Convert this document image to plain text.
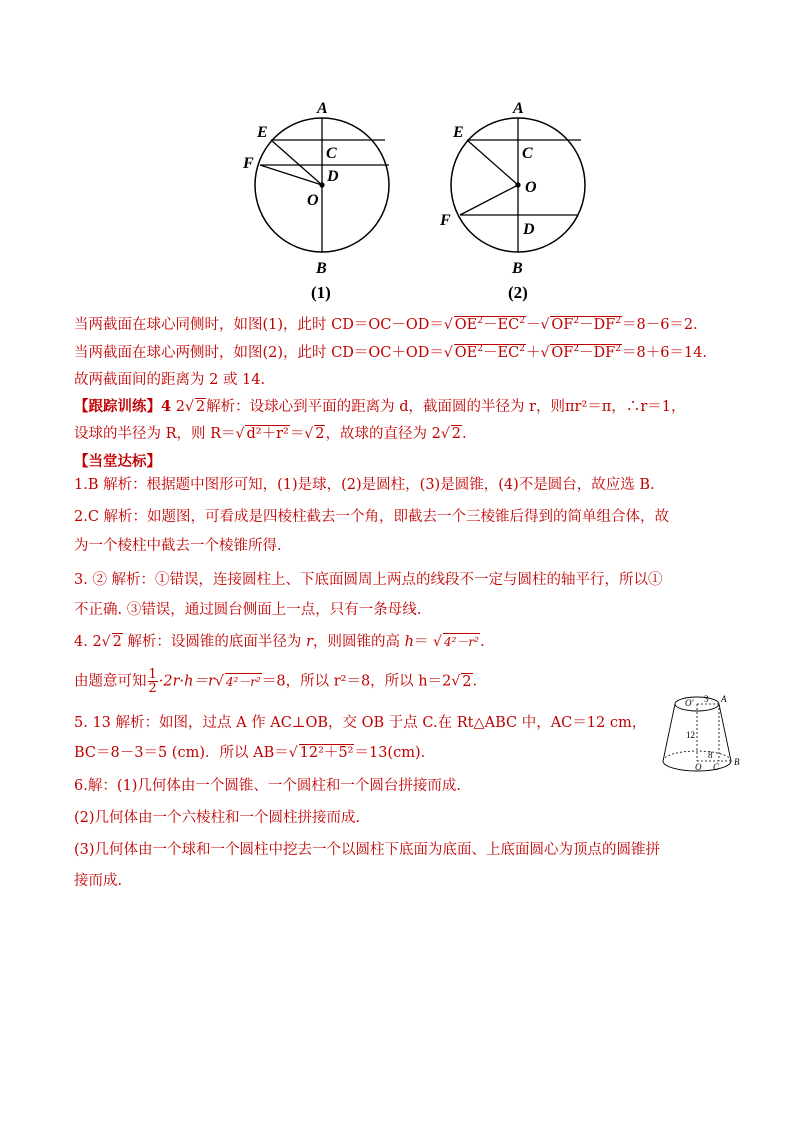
A
E
C
F
D
O
B
(1)
A
E
C
O
F
D
B
(2)
O' 3 A
12
8
O C B
当两截面在球心同侧时，如图(1)，此时 CD＝OC－OD＝√ $OE^2-EC^2-√$ $OF^2-DF^2=8-6=2$.
当两截面在球心两侧时，如图(2)，此时 CD＝OC＋OD＝√ $OE^2-EC^2+√$ $OF^2-DF^2=8+6=14$.
故两截面间的距离为 2 或 14.
【跟踪训练】4 2√ 2解析：设球心到平面的距离为 d，截面圆的半径为 r，则πr²＝π，∴r＝1，
设球的半径为 R，则 R＝√ d²＋r²＝√ 2，故球的直径为 2√ 2.
【当堂达标】
1.B 解析：根据题中图形可知，(1)是球，(2)是圆柱，(3)是圆锥，(4)不是圆台，故应选 B.
2.C 解析：如题图，可看成是四棱柱截去一个角，即截去一个三棱锥后得到的简单组合体，故
为一个棱柱中截去一个棱锥所得.
3. ② 解析：①错误，连接圆柱上、下底面圆周上两点的线段不一定与圆柱的轴平行，所以①
不正确. ③错误，通过圆台侧面上一点，只有一条母线.
4. 2√ 2 解析：设圆锥的底面半径为 r，则圆锥的高 h＝ √ 4²－r².
由题意可知 $\frac{1}{2} \cdot 2r\cdot h=r√$ 4²－r²＝8，所以 r²＝8，所以 h＝2√ 2.
5. 13 解析：如图，过点 A 作 AC⊥OB，交 OB 于点 C.在 Rt△ABC 中，AC＝12 cm，
BC＝8－3＝5 (cm)．所以 AB＝√ 12²＋5²＝13(cm)．
6.解：(1)几何体由一个圆锥、一个圆柱和一个圆台拼接而成.
(2)几何体由一个六棱柱和一个圆柱拼接而成.
(3)几何体由一个球和一个圆柱中挖去一个以圆柱下底面为底面、上底面圆心为顶点的圆锥拼
接而成.
